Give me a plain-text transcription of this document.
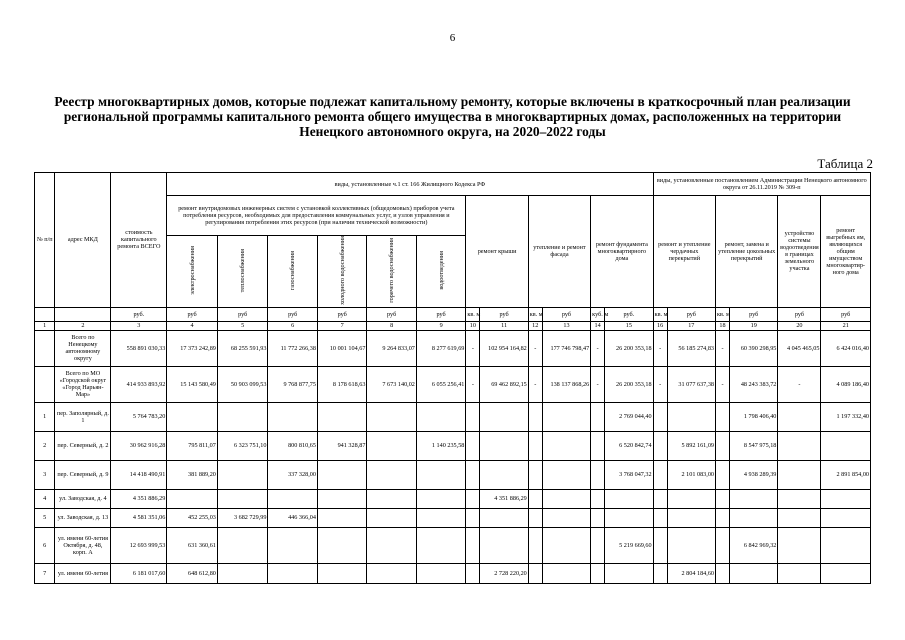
6
Реестр многоквартирных домов, которые подлежат капитальному ремонту, которые включены в краткосрочный план реализации
региональной программы капитального ремонта общего имущества в многоквартирных домах, расположенных на территории
Ненецкого автономного округа, на 2020–2022 годы
Таблица 2
№ п/п	адрес МКД	стоимость капитального ремонта ВСЕГО	виды, установленные ч.1 ст. 166 Жилищного Кодекса РФ												виды, установленные постановлением Администрации Ненецкого автономного округа от 26.11.2019 № 309-п					
			ремонт внутридомовых инженерных систем с установкой коллективных (общедомовых) приборов учета потребления ресурсов, необходимых для предоставления коммунальных услуг, и узлов управления и регулирования потребления этих ресурсов (при наличии технической возможности)						ремонт крыши		утепление и ремонт фасада		ремонт фундамента многоквартирного дома		ремонт и утепление чердачных перекрытий		ремонт, замена и утепление цокольных перекрытий		устройство системы водоотведения в границах земельного участка	ремонт выгребных ям, являющихся общим имуществом многоквартир-ного дома
			электроснабжения	теплоснабжения	газоснабжения	холодного водоснабжения	горячего водоснабжения	водоотведения												
		руб.	руб	руб	руб	руб	руб	руб	кв. м	руб	кв. м	руб	куб. м	руб.	кв. м	руб	кв. м	руб	руб	руб
1	2	3	4	5	6	7	8	9	10	11	12	13	14	15	16	17	18	19	20	21
	Всего по Ненецкому автономному округу	558 891 030,33	17 373 242,89	68 255 591,93	11 772 266,38	10 001 104,67	9 264 833,07	8 277 619,69	-	102 954 164,82	-	177 746 798,47	-	26 200 353,18	-	56 185 274,83	-	60 390 298,95	4 045 465,05	6 424 016,40
	Всего по МО «Городской округ «Город Нарьян-Мар»	414 933 893,92	15 143 580,49	50 903 099,53	9 768 877,75	8 178 618,63	7 673 140,02	6 055 256,41	-	69 462 892,15	-	138 137 868,26	-	26 200 353,18	-	31 077 637,38	-	48 243 383,72	-	4 089 186,40
1	пер. Заполярный, д. 1	5 764 783,20												2 769 044,40				1 798 406,40		1 197 332,40
2	пер. Северный, д. 2	30 962 916,28	795 811,07	6 323 751,10	800 810,65	941 328,87		1 140 235,58						6 520 842,74		5 892 161,09		8 547 975,18		
3	пер. Северный, д. 9	14 418 490,91	381 889,20		337 328,00									3 768 047,32		2 101 083,00		4 938 289,39		2 891 854,00
4	ул. Заводская, д. 4	4 351 886,29								4 351 886,29										
5	ул. Заводская, д. 13	4 581 351,06	452 255,03	3 682 729,99	446 366,04															
6	ул. имени 60-летия Октября, д. 48, корп. А	12 693 999,53	631 360,61											5 219 669,60				6 842 969,32		
7	ул. имени 60-летия	6 181 017,60	648 612,80							2 728 220,20						2 804 184,60				
